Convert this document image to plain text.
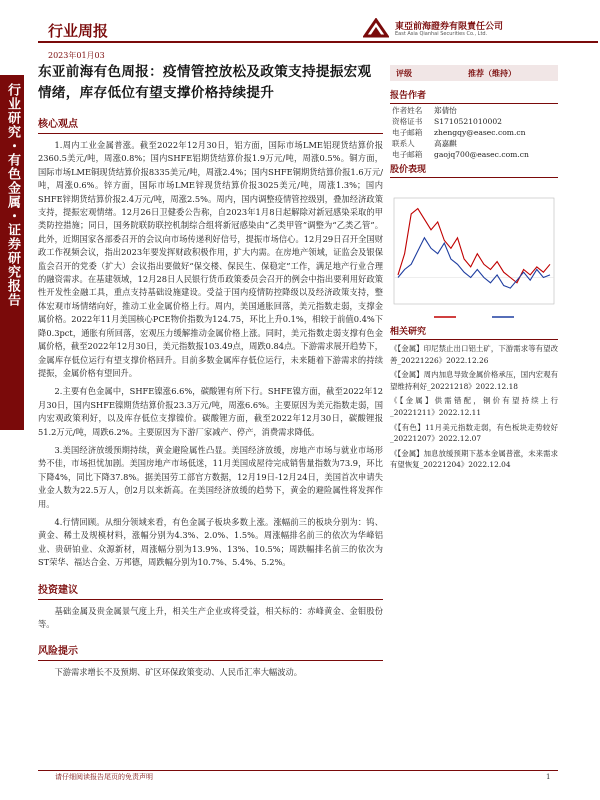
行业周报
2023年01月03
東亞前海證券有限責任公司
East Asia Qianhai Securities Co., Ltd.
行业研究・有色金属・证券研究报告
东亚前海有色周报：疫情管控放松及政策支持提振宏观情绪，库存低位有望支撑价格持续提升
核心观点

1.周内工业金属普涨。截至2022年12月30日，铝方面，国际市场LME铝现货结算价报2360.5美元/吨，周涨0.8%；国内SHFE铝期货结算价报1.9万元/吨，周涨0.5%。铜方面，国际市场LME铜现货结算价报8335美元/吨，周涨2.4%；国内SHFE铜期货结算价报1.6万元/吨，周涨0.6%。锌方面，国际市场LME锌现货结算价报3025美元/吨，周涨1.3%；国内SHFE锌期货结算价报2.4万元/吨，周涨2.5%。周内，国内调整疫情管控级别，叠加经济政策支持，提振宏观情绪。12月26日卫健委公告称，自2023年1月8日起解除对新冠感染采取的甲类防控措施；同日，国务院联防联控机制综合组将新冠感染由“乙类甲管”调整为“乙类乙管”。此外，近期国家各部委召开的会议向市场传递利好信号，提振市场信心。12月29日召开全国财政工作视频会议，指出2023年要发挥财政积极作用，扩大内需。在房地产领域，证监会及银保监会召开的党委（扩大）会议指出要做好“保交楼、保民生、保稳定”工作，满足地产行业合理的融资需求。在基建领域，12月28日人民银行货币政策委员会召开的例会中指出要利用好政策性开发性金融工具，重点支持基础设施建设。受益于国内疫情防控降级以及经济政策支持，整体宏观市场情绪向好，推动工业金属价格上行。周内，美国通胀回落，美元指数走弱，支撑金属价格。2022年11月美国核心PCE物价指数为124.75，环比上升0.1%，相较于前值0.4%下降0.3pct，通胀有所回落，宏观压力缓解推动金属价格上涨。同时，美元指数走弱支撑有色金属价格，截至2022年12月30日，美元指数报103.49点，周跌0.84点。下游需求展开趋势下，金属库存低位运行有望支撑价格回升。目前多数金属库存低位运行，未来随着下游需求的持续提振，金属价格有望回升。

2.主要有色金属中，SHFE镍涨6.6%，碳酸锂有所下行。SHFE镍方面，截至2022年12月30日，国内SHFE镍期货结算价报23.3万元/吨，周涨6.6%。主要原因为美元指数走弱，国内宏观政策利好，以及库存低位支撑镍价。碳酸锂方面，截至2022年12月30日，碳酸锂报51.2万元/吨，周跌6.2%。主要原因为下游厂家减产、停产，消费需求降低。

3.美国经济放缓预期持续，黄金避险属性凸显。美国经济放缓，房地产市场与就业市场形势不佳，市场担忧加剧。美国房地产市场低迷，11月美国成屋待完成销售量指数为73.9，环比下降4%，同比下降37.8%。据美国劳工部官方数据，12月19日-12月24日，美国首次申请失业金人数为22.5万人，创2月以来新高。在美国经济放缓的趋势下，黄金的避险属性将发挥作用。

4.行情回顾。从细分领域来看，有色金属子板块多数上涨。涨幅前三的板块分别为：钨、黄金、稀土及规模材料，涨幅分别为4.3%、2.0%、1.5%。周涨幅排名前三的依次为华峰铝业、贵研铂业、众源新材，周涨幅分别为13.9%、13%、10.5%；周跌幅排名前三的依次为ST荣华、福达合金、万邦德，周跌幅分别为10.7%、5.4%、5.2%。

投资建议

基础金属及贵金属景气度上升，相关生产企业或将受益，相关标的：赤峰黄金、金钼股份等。

风险提示

下游需求增长不及预期、矿区环保政策变动、人民币汇率大幅波动。

评级	推荐（维持）
报告作者
作者姓名 郑倩怡
资格证书 S1710521010002
电子邮箱 zhengqy@easec.com.cn
联系人	高嘉麒
电子邮箱 gaojq700@easec.com.cn
股价表现
相关研究
《【金属】印尼禁止出口铝土矿，下游需求等有望改善_20221226》2022.12.26
《【金属】周内加息导致金属价格承压，国内宏观有望维持利好_20221218》2022.12.18
《【金属】供需错配，铜价有望持续上行_20221211》2022.12.11
《【有色】11月美元指数走弱，有色板块走势较好_20221207》2022.12.07
《【金属】加息放缓预期下基本金属普涨，未来需求有望恢复_20221204》2022.12.04
请仔细阅读报告尾页的免责声明	1
